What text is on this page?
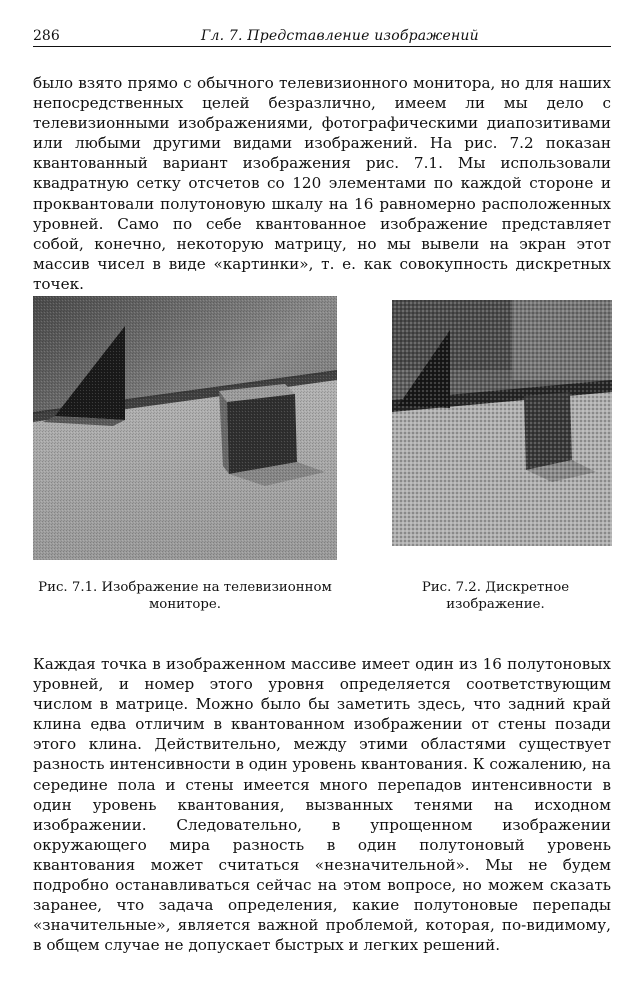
286	Гл. 7. Представление изображений

было взято прямо с обычного телевизионного монитора, но для наших непосредственных целей безразлично, имеем ли мы дело с телевизионными изображениями, фотографическими диапозитивами или любыми другими видами изображений. На рис. 7.2 показан квантованный вариант изображения рис. 7.1. Мы использовали квадратную сетку отсчетов со 120 элементами по каждой стороне и проквантовали полутоновую шкалу на 16 равномерно расположенных уровней. Само по себе квантованное изображение представляет собой, конечно, некоторую матрицу, но мы вывели на экран этот массив чисел в виде «картинки», т. е. как совокупность дискретных точек.

Рис. 7.1. Изображение на телевизионном мониторе.

Рис. 7.2. Дискретное изображение.

Каждая точка в изображенном массиве имеет один из 16 полутоновых уровней, и номер этого уровня определяется соответствующим числом в матрице. Можно было бы заметить здесь, что задний край клина едва отличим в квантованном изображении от стены позади этого клина. Действительно, между этими областями существует разность интенсивности в один уровень квантования. К сожалению, на середине пола и стены имеется много перепадов интенсивности в один уровень квантования, вызванных тенями на исходном изображении. Следовательно, в упрощенном изображении окружающего мира разность в один полутоновый уровень квантования может считаться «незначительной». Мы не будем подробно останавливаться сейчас на этом вопросе, но можем сказать заранее, что задача определения, какие полутоновые перепады «значительные», является важной проблемой, которая, по-видимому, в общем случае не допускает быстрых и легких решений.
